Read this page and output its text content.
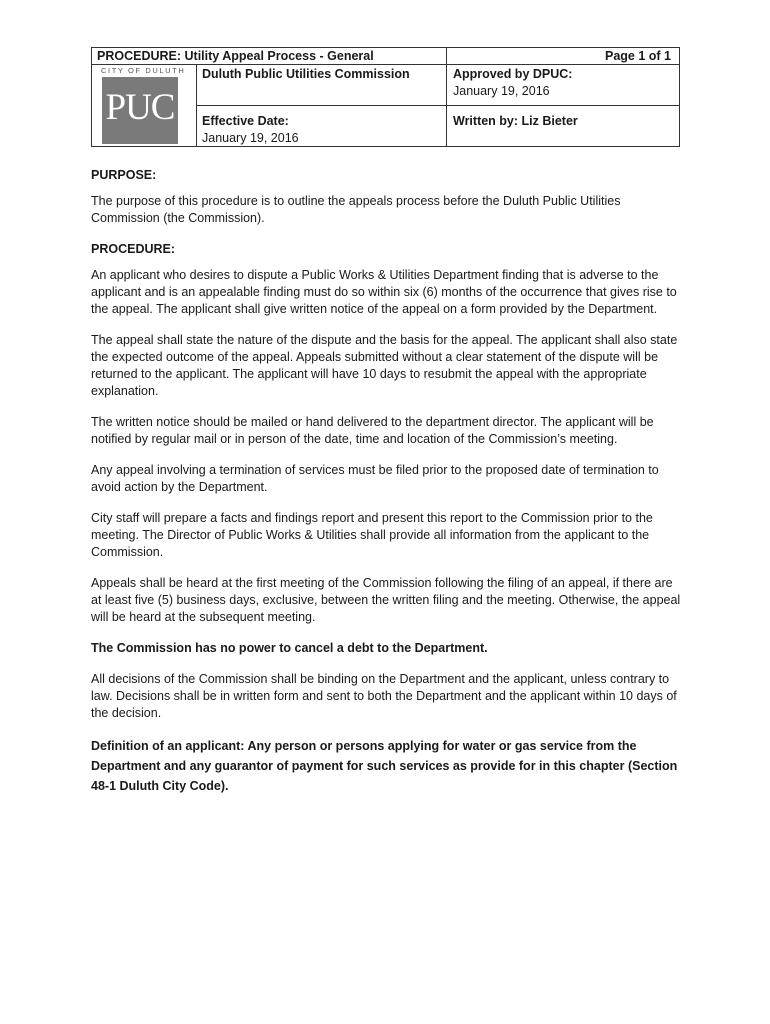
PROCEDURE: Utility Appeal Process - General	Page 1 of 1
Duluth Public Utilities Commission	Approved by DPUC:
January 19, 2016
Effective Date:
January 19, 2016
Written by: Liz Bieter
CITY OF DULUTH
PUC
PURPOSE:

The purpose of this procedure is to outline the appeals process before the Duluth Public Utilities Commission (the Commission).

PROCEDURE:

An applicant who desires to dispute a Public Works & Utilities Department finding that is adverse to the applicant and is an appealable finding must do so within six (6) months of the occurrence that gives rise to the appeal. The applicant shall give written notice of the appeal on a form provided by the Department.

The appeal shall state the nature of the dispute and the basis for the appeal. The applicant shall also state the expected outcome of the appeal. Appeals submitted without a clear statement of the dispute will be returned to the applicant. The applicant will have 10 days to resubmit the appeal with the appropriate explanation.

The written notice should be mailed or hand delivered to the department director. The applicant will be notified by regular mail or in person of the date, time and location of the Commission’s meeting.

Any appeal involving a termination of services must be filed prior to the proposed date of termination to avoid action by the Department.

City staff will prepare a facts and findings report and present this report to the Commission prior to the meeting. The Director of Public Works & Utilities shall provide all information from the applicant to the Commission.

Appeals shall be heard at the first meeting of the Commission following the filing of an appeal, if there are at least five (5) business days, exclusive, between the written filing and the meeting. Otherwise, the appeal will be heard at the subsequent meeting.

The Commission has no power to cancel a debt to the Department.

All decisions of the Commission shall be binding on the Department and the applicant, unless contrary to law. Decisions shall be in written form and sent to both the Department and the applicant within 10 days of the decision.

Definition of an applicant: Any person or persons applying for water or gas service from the Department and any guarantor of payment for such services as provide for in this chapter (Section 48-1 Duluth City Code).
